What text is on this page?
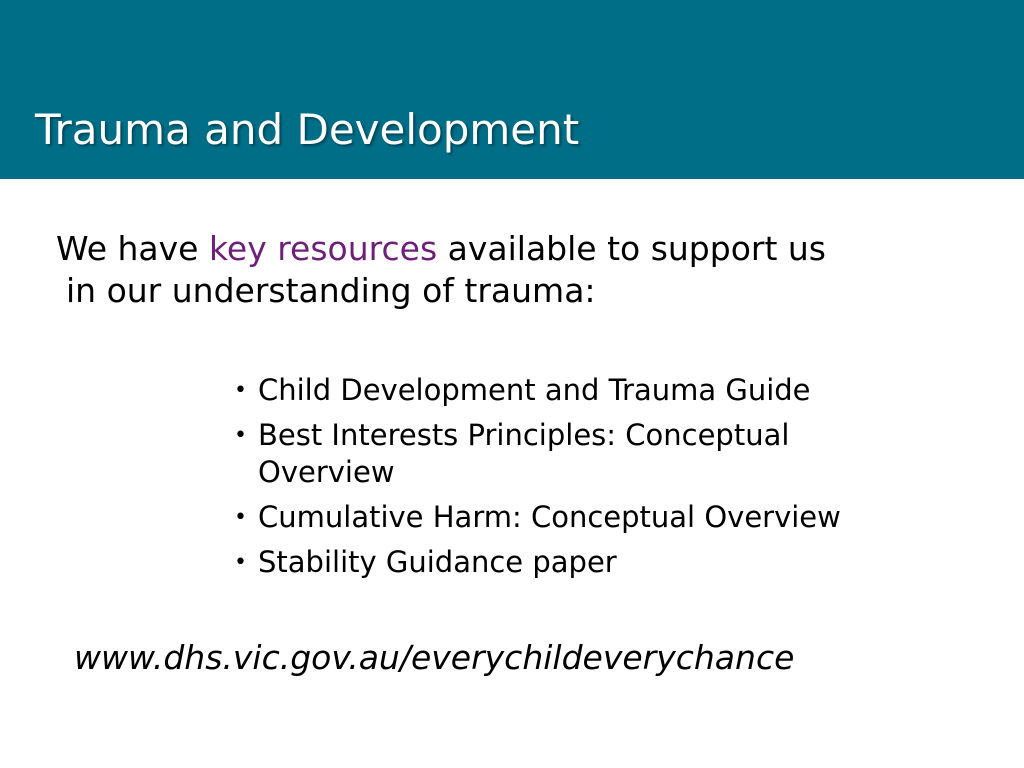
Trauma and Development

We have key resources available to support us
in our understanding of trauma:

• Child Development and Trauma Guide
• Best Interests Principles: Conceptual Overview
• Cumulative Harm: Conceptual Overview
• Stability Guidance paper

www.dhs.vic.gov.au/everychildeverychance
